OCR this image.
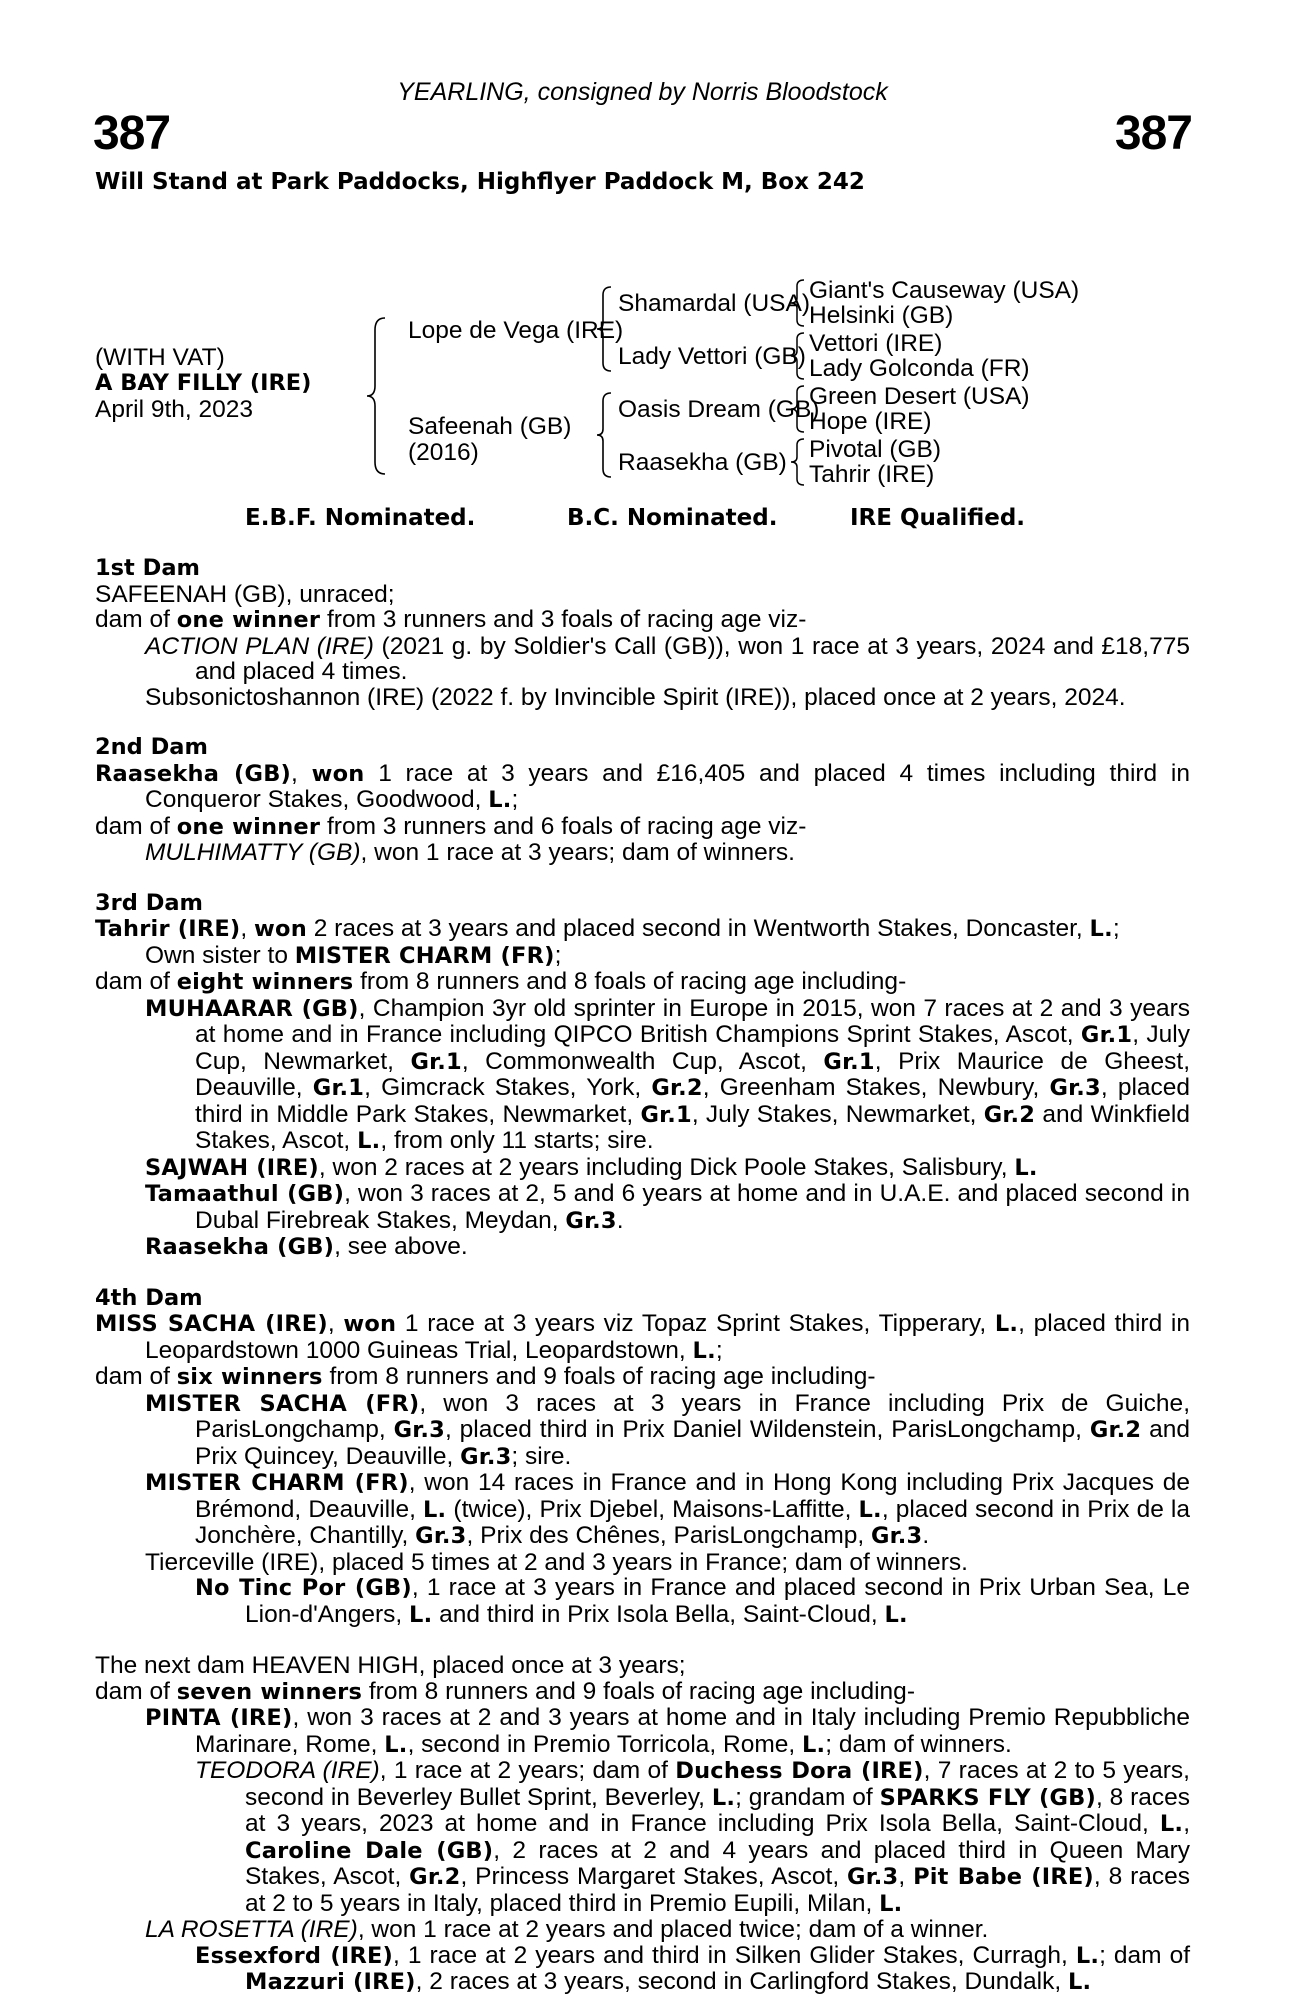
YEARLING, consigned by Norris Bloodstock
387	387
Will Stand at Park Paddocks, Highflyer Paddock M, Box 242
(WITH VAT)
A BAY FILLY (IRE)
April 9th, 2023
Lope de Vega (IRE)
Safeenah (GB)
(2016)
Shamardal (USA)
Lady Vettori (GB)
Oasis Dream (GB)
Raasekha (GB)
Giant's Causeway (USA)
Helsinki (GB)
Vettori (IRE)
Lady Golconda (FR)
Green Desert (USA)
Hope (IRE)
Pivotal (GB)
Tahrir (IRE)
E.B.F. Nominated.	B.C. Nominated.	IRE Qualified.
1st Dam

SAFEENAH (GB), unraced;

dam of one winner from 3 runners and 3 foals of racing age viz-

ACTION PLAN (IRE) (2021 g. by Soldier's Call (GB)), won 1 race at 3 years, 2024 and £18,775 and placed 4 times.

Subsonictoshannon (IRE) (2022 f. by Invincible Spirit (IRE)), placed once at 2 years, 2024.

2nd Dam

Raasekha (GB), won 1 race at 3 years and £16,405 and placed 4 times including third in Conqueror Stakes, Goodwood, L.;

dam of one winner from 3 runners and 6 foals of racing age viz-

MULHIMATTY (GB), won 1 race at 3 years; dam of winners.

3rd Dam

Tahrir (IRE), won 2 races at 3 years and placed second in Wentworth Stakes, Doncaster, L.;

Own sister to MISTER CHARM (FR);

dam of eight winners from 8 runners and 8 foals of racing age including-

MUHAARAR (GB), Champion 3yr old sprinter in Europe in 2015, won 7 races at 2 and 3 years at home and in France including QIPCO British Champions Sprint Stakes, Ascot, Gr.1, July Cup, Newmarket, Gr.1, Commonwealth Cup, Ascot, Gr.1, Prix Maurice de Gheest, Deauville, Gr.1, Gimcrack Stakes, York, Gr.2, Greenham Stakes, Newbury, Gr.3, placed third in Middle Park Stakes, Newmarket, Gr.1, July Stakes, Newmarket, Gr.2 and Winkfield Stakes, Ascot, L., from only 11 starts; sire.

SAJWAH (IRE), won 2 races at 2 years including Dick Poole Stakes, Salisbury, L.

Tamaathul (GB), won 3 races at 2, 5 and 6 years at home and in U.A.E. and placed second in Dubal Firebreak Stakes, Meydan, Gr.3.

Raasekha (GB), see above.

4th Dam

MISS SACHA (IRE), won 1 race at 3 years viz Topaz Sprint Stakes, Tipperary, L., placed third in Leopardstown 1000 Guineas Trial, Leopardstown, L.;

dam of six winners from 8 runners and 9 foals of racing age including-

MISTER SACHA (FR), won 3 races at 3 years in France including Prix de Guiche, ParisLongchamp, Gr.3, placed third in Prix Daniel Wildenstein, ParisLongchamp, Gr.2 and Prix Quincey, Deauville, Gr.3; sire.

MISTER CHARM (FR), won 14 races in France and in Hong Kong including Prix Jacques de Brémond, Deauville, L. (twice), Prix Djebel, Maisons-Laffitte, L., placed second in Prix de la Jonchère, Chantilly, Gr.3, Prix des Chênes, ParisLongchamp, Gr.3.

Tierceville (IRE), placed 5 times at 2 and 3 years in France; dam of winners.

No Tinc Por (GB), 1 race at 3 years in France and placed second in Prix Urban Sea, Le Lion-d'Angers, L. and third in Prix Isola Bella, Saint-Cloud, L.

The next dam HEAVEN HIGH, placed once at 3 years;

dam of seven winners from 8 runners and 9 foals of racing age including-

PINTA (IRE), won 3 races at 2 and 3 years at home and in Italy including Premio Repubbliche Marinare, Rome, L., second in Premio Torricola, Rome, L.; dam of winners.

TEODORA (IRE), 1 race at 2 years; dam of Duchess Dora (IRE), 7 races at 2 to 5 years, second in Beverley Bullet Sprint, Beverley, L.; grandam of SPARKS FLY (GB), 8 races at 3 years, 2023 at home and in France including Prix Isola Bella, Saint-Cloud, L., Caroline Dale (GB), 2 races at 2 and 4 years and placed third in Queen Mary Stakes, Ascot, Gr.2, Princess Margaret Stakes, Ascot, Gr.3, Pit Babe (IRE), 8 races at 2 to 5 years in Italy, placed third in Premio Eupili, Milan, L.

LA ROSETTA (IRE), won 1 race at 2 years and placed twice; dam of a winner.

Essexford (IRE), 1 race at 2 years and third in Silken Glider Stakes, Curragh, L.; dam of Mazzuri (IRE), 2 races at 3 years, second in Carlingford Stakes, Dundalk, L.
